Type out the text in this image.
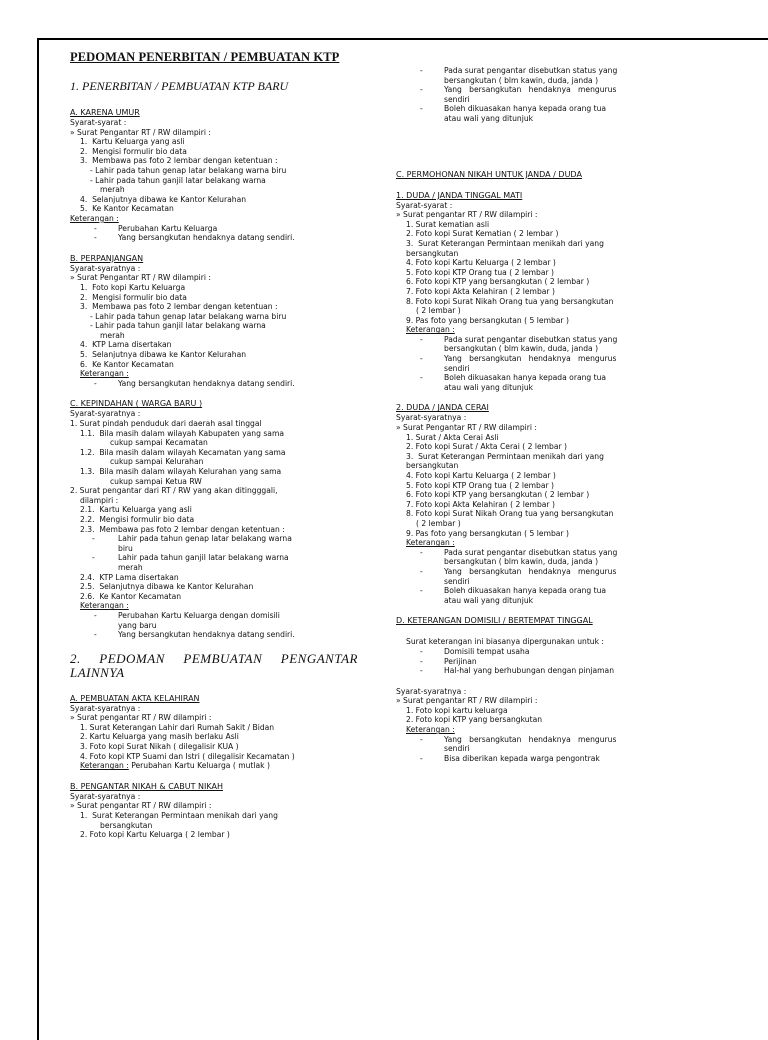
PEDOMAN PENERBITAN / PEMBUATAN KTP
1. PENERBITAN / PEMBUATAN KTP BARU
A. KARENA UMUR
Syarat-syarat :
» Surat Pengantar RT / RW dilampiri :
1.  Kartu Keluarga yang asli
2.  Mengisi formulir bio data
3.  Membawa pas foto 2 lembar dengan ketentuan :
- Lahir pada tahun genap latar belakang warna biru
- Lahir pada tahun ganjil latar belakang warna
merah
4.  Selanjutnya dibawa ke Kantor Kelurahan
5.  Ke Kantor Kecamatan
Keterangan :
- Perubahan Kartu Keluarga
- Yang bersangkutan hendaknya datang sendiri.
B. PERPANJANGAN
Syarat-syaratnya :
» Surat Pengantar RT / RW dilampiri :
1.  Foto kopi Kartu Keluarga
2.  Mengisi formulir bio data
3.  Membawa pas foto 2 lembar dengan ketentuan :
- Lahir pada tahun genap latar belakang warna biru
- Lahir pada tahun ganjil latar belakang warna
merah
4.  KTP Lama disertakan
5.  Selanjutnya dibawa ke Kantor Kelurahan
6.  Ke Kantor Kecamatan
Keterangan :
- Yang bersangkutan hendaknya datang sendiri.
C. KEPINDAHAN ( WARGA BARU )
Syarat-syaratnya :
1. Surat pindah penduduk dari daerah asal tinggal
1.1.  Bila masih dalam wilayah Kabupaten yang sama
cukup sampai Kecamatan
1.2.  Bila masih dalam wilayah Kecamatan yang sama
cukup sampai Kelurahan
1.3.  Bila masih dalam wilayah Kelurahan yang sama
cukup sampai Ketua RW
2. Surat pengantar dari RT / RW yang akan ditingggali,
dilampiri :
2.1.  Kartu Keluarga yang asli
2.2.  Mengisi formulir bio data
2.3.  Membawa pas foto 2 lembar dengan ketentuan :
- Lahir pada tahun genap latar belakang warna
biru
- Lahir pada tahun ganjil latar belakang warna
merah
2.4.  KTP Lama disertakan
2.5.  Selanjutnya dibawa ke Kantor Kelurahan
2.6.  Ke Kantor Kecamatan
Keterangan :
- Perubahan Kartu Keluarga dengan domisili
yang baru
- Yang bersangkutan hendaknya datang sendiri.
2. PEDOMAN PEMBUATAN PENGANTAR LAINNYA
A. PEMBUATAN AKTA KELAHIRAN
Syarat-syaratnya :
» Surat pengantar RT / RW dilampiri :
1. Surat Keterangan Lahir dari Rumah Sakit / Bidan
2. Kartu Keluarga yang masih berlaku Asli
3. Foto kopi Surat Nikah ( dilegalisir KUA )
4. Foto kopi KTP Suami dan Istri ( dilegalisir Kecamatan )
Keterangan : Perubahan Kartu Keluarga ( mutlak )
B. PENGANTAR NIKAH & CABUT NIKAH
Syarat-syaratnya :
» Surat pengantar RT / RW dilampiri :
1.  Surat Keterangan Permintaan menikah dari yang
bersangkutan
2. Foto kopi Kartu Keluarga ( 2 lembar )
- Pada surat pengantar disebutkan status yang
bersangkutan ( blm kawin, duda, janda )
- Yang   bersangkutan   hendaknya   mengurus
sendiri
- Boleh dikuasakan hanya kepada orang tua
atau wali yang ditunjuk
C. PERMOHONAN NIKAH UNTUK JANDA / DUDA
1. DUDA / JANDA TINGGAL MATI
Syarat-syarat :
» Surat pengantar RT / RW dilampiri :
1. Surat kematian asli
2. Foto kopi Surat Kematian ( 2 lembar )
3.  Surat Keterangan Permintaan menikah dari yang
bersangkutan
4. Foto kopi Kartu Keluarga ( 2 lembar )
5. Foto kopi KTP Orang tua ( 2 lembar )
6. Foto kopi KTP yang bersangkutan ( 2 lembar )
7. Foto kopi Akta Kelahiran ( 2 lembar )
8. Foto kopi Surat Nikah Orang tua yang bersangkutan
( 2 lembar )
9. Pas foto yang bersangkutan ( 5 lembar )
Keterangan :
- Pada surat pengantar disebutkan status yang
bersangkutan ( blm kawin, duda, janda )
- Yang   bersangkutan   hendaknya   mengurus
sendiri
- Boleh dikuasakan hanya kepada orang tua
atau wali yang ditunjuk
2. DUDA / JANDA CERAI
Syarat-syaratnya :
» Surat Pengantar RT / RW dilampiri :
1. Surat / Akta Cerai Asli
2. Foto kopi Surat / Akta Cerai ( 2 lembar )
3.  Surat Keterangan Permintaan menikah dari yang
bersangkutan
4. Foto kopi Kartu Keluarga ( 2 lembar )
5. Foto kopi KTP Orang tua ( 2 lembar )
6. Foto kopi KTP yang bersangkutan ( 2 lembar )
7. Foto kopi Akta Kelahiran ( 2 lembar )
8. Foto kopi Surat Nikah Orang tua yang bersangkutan
( 2 lembar )
9. Pas foto yang bersangkutan ( 5 lembar )
Keterangan :
- Pada surat pengantar disebutkan status yang
bersangkutan ( blm kawin, duda, janda )
- Yang   bersangkutan   hendaknya   mengurus
sendiri
- Boleh dikuasakan hanya kepada orang tua
atau wali yang ditunjuk
D. KETERANGAN DOMISILI / BERTEMPAT TINGGAL
Surat keterangan ini biasanya dipergunakan untuk :
- Domisili tempat usaha
- Perijinan
- Hal-hal yang berhubungan dengan pinjaman
Syarat-syaratnya :
» Surat pengantar RT / RW dilampiri :
1. Foto kopi kartu keluarga
2. Foto kopi KTP yang bersangkutan
Keterangan :
- Yang   bersangkutan   hendaknya   mengurus
sendiri
- Bisa diberikan kepada warga pengontrak
